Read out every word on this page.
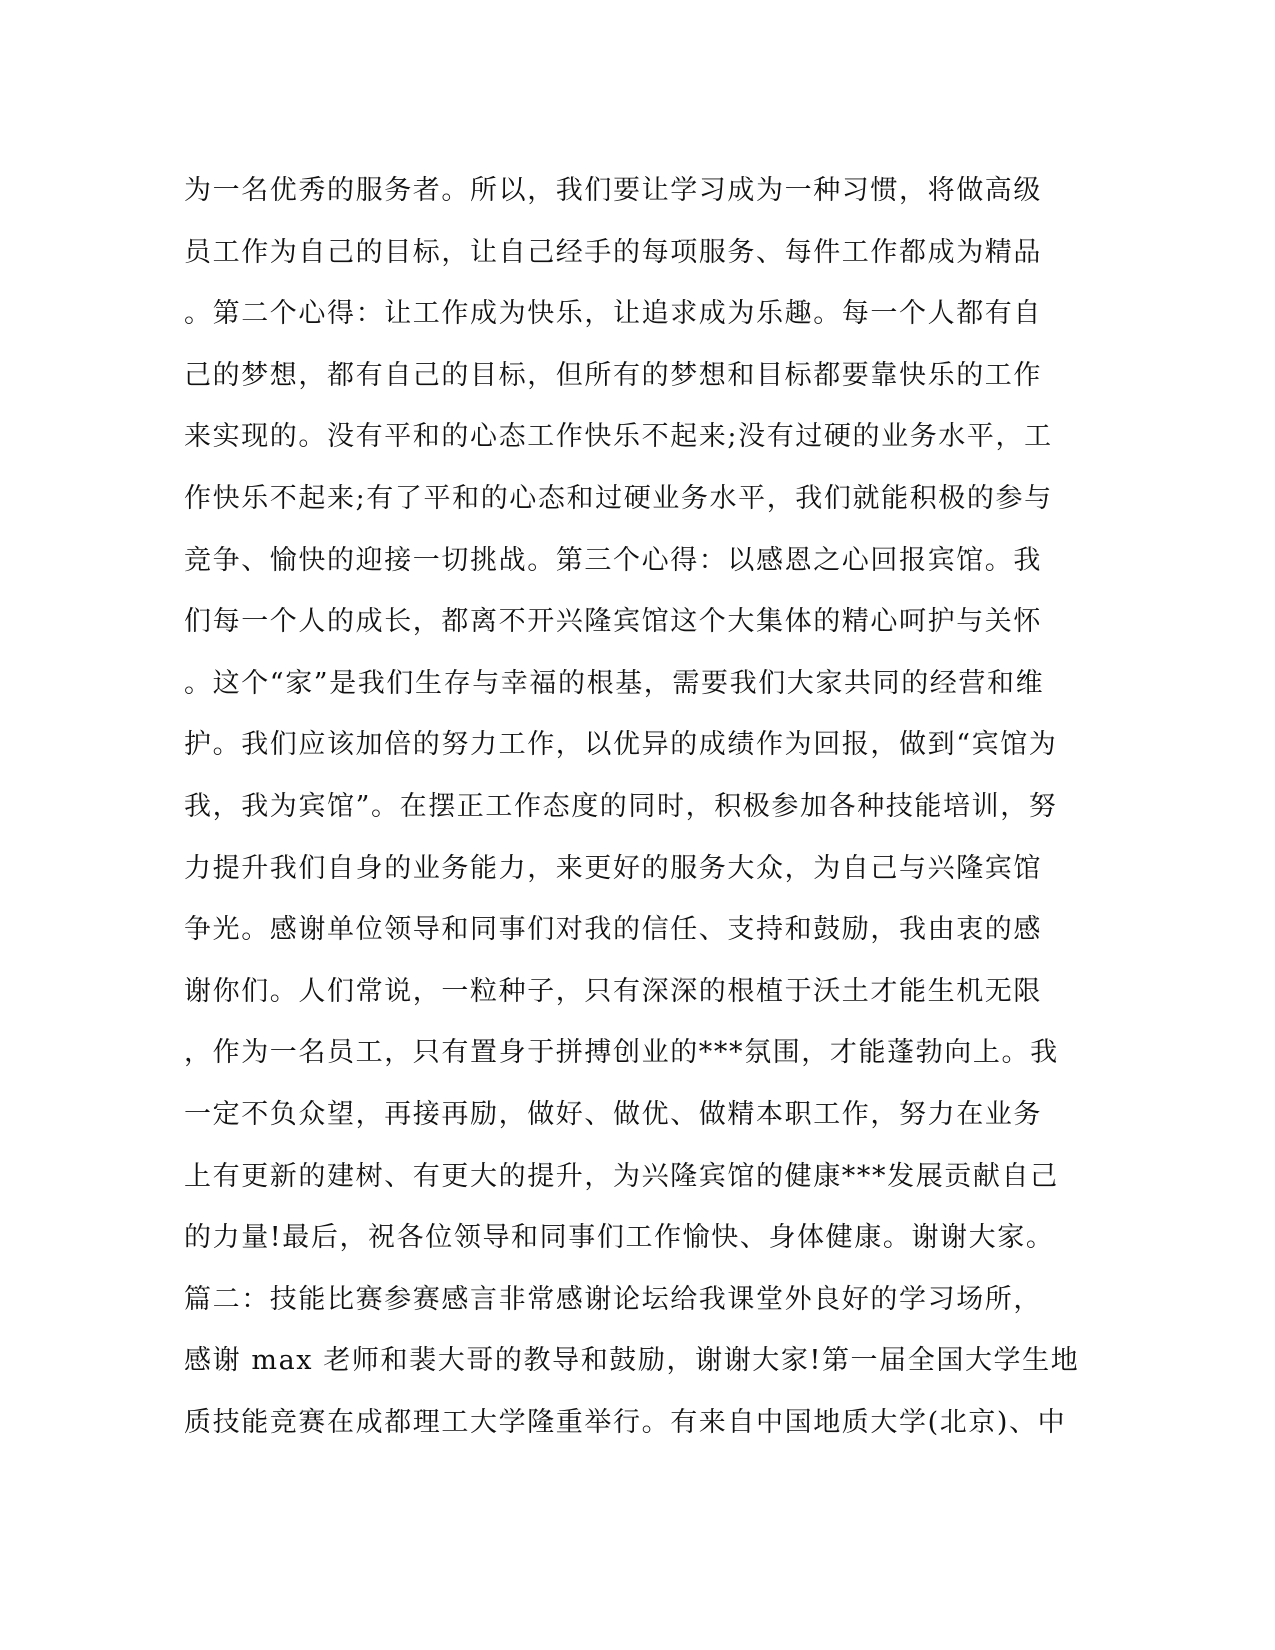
为一名优秀的服务者。所以，我们要让学习成为一种习惯，将做高级
员工作为自己的目标，让自己经手的每项服务、每件工作都成为精品
。第二个心得：让工作成为快乐，让追求成为乐趣。每一个人都有自
己的梦想，都有自己的目标，但所有的梦想和目标都要靠快乐的工作
来实现的。没有平和的心态工作快乐不起来;没有过硬的业务水平，工
作快乐不起来;有了平和的心态和过硬业务水平，我们就能积极的参与
竞争、愉快的迎接一切挑战。第三个心得：以感恩之心回报宾馆。我
们每一个人的成长，都离不开兴隆宾馆这个大集体的精心呵护与关怀
。这个“家”是我们生存与幸福的根基，需要我们大家共同的经营和维
护。我们应该加倍的努力工作，以优异的成绩作为回报，做到“宾馆为
我，我为宾馆”。在摆正工作态度的同时，积极参加各种技能培训，努
力提升我们自身的业务能力，来更好的服务大众，为自己与兴隆宾馆
争光。感谢单位领导和同事们对我的信任、支持和鼓励，我由衷的感
谢你们。人们常说，一粒种子，只有深深的根植于沃土才能生机无限
，作为一名员工，只有置身于拼搏创业的***氛围，才能蓬勃向上。我
一定不负众望，再接再励，做好、做优、做精本职工作，努力在业务
上有更新的建树、有更大的提升，为兴隆宾馆的健康***发展贡献自己
的力量!最后，祝各位领导和同事们工作愉快、身体健康。谢谢大家。
篇二：技能比赛参赛感言非常感谢论坛给我课堂外良好的学习场所，
感谢 max 老师和裴大哥的教导和鼓励，谢谢大家!第一届全国大学生地
质技能竞赛在成都理工大学隆重举行。有来自中国地质大学(北京)、中
